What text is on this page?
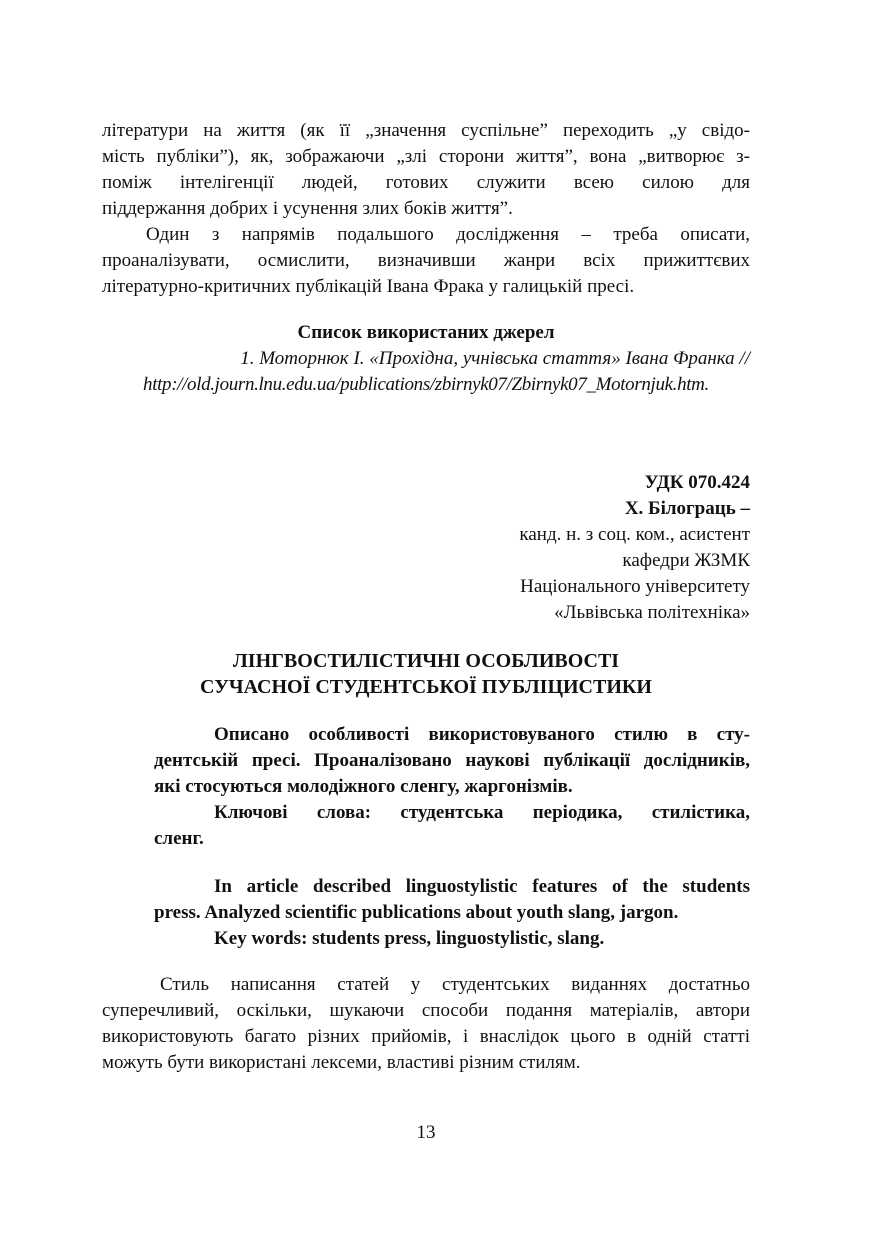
літератури на життя (як її „значення суспільне” переходить „у свідо-
мість публіки”), як, зображаючи „злі сторони життя”, вона „витворює з-
поміж інтелігенції людей, готових служити всею силою для
піддержання добрих і усунення злих боків життя”.
Один з напрямів подальшого дослідження – треба описати,
проаналізувати, осмислити, визначивши жанри всіх прижиттєвих
літературно-критичних публікацій Івана Фрака у галицькій пресі.
Список використаних джерел
1. Моторнюк І. «Прохідна, учнівська стаття» Івана Франка //
http://old.journ.lnu.edu.ua/publications/zbirnyk07/Zbirnyk07_Motornjuk.htm.
УДК 070.424
Х. Білограць –
канд. н. з соц. ком., асистент
кафедри ЖЗМК
Національного університету
«Львівська політехніка»
ЛІНГВОСТИЛІСТИЧНІ ОСОБЛИВОСТІ
СУЧАСНОЇ СТУДЕНТСЬКОЇ ПУБЛІЦИСТИКИ
Описано особливості використовуваного стилю в сту-
дентській пресі. Проаналізовано наукові публікації дослідників,
які стосуються молодіжного сленгу, жаргонізмів.
Ключові слова: студентська періодика, стилістика,
сленг.
In article described linguostylistic features of the students
press. Analyzed scientific publications about youth slang, jargon.
Key words: students press, linguostylistic, slang.
Стиль написання статей у студентських виданнях достатньо
суперечливий, оскільки, шукаючи способи подання матеріалів, автори
використовують багато різних прийомів, і внаслідок цього в одній статті
можуть бути використані лексеми, властиві різним стилям.
13
